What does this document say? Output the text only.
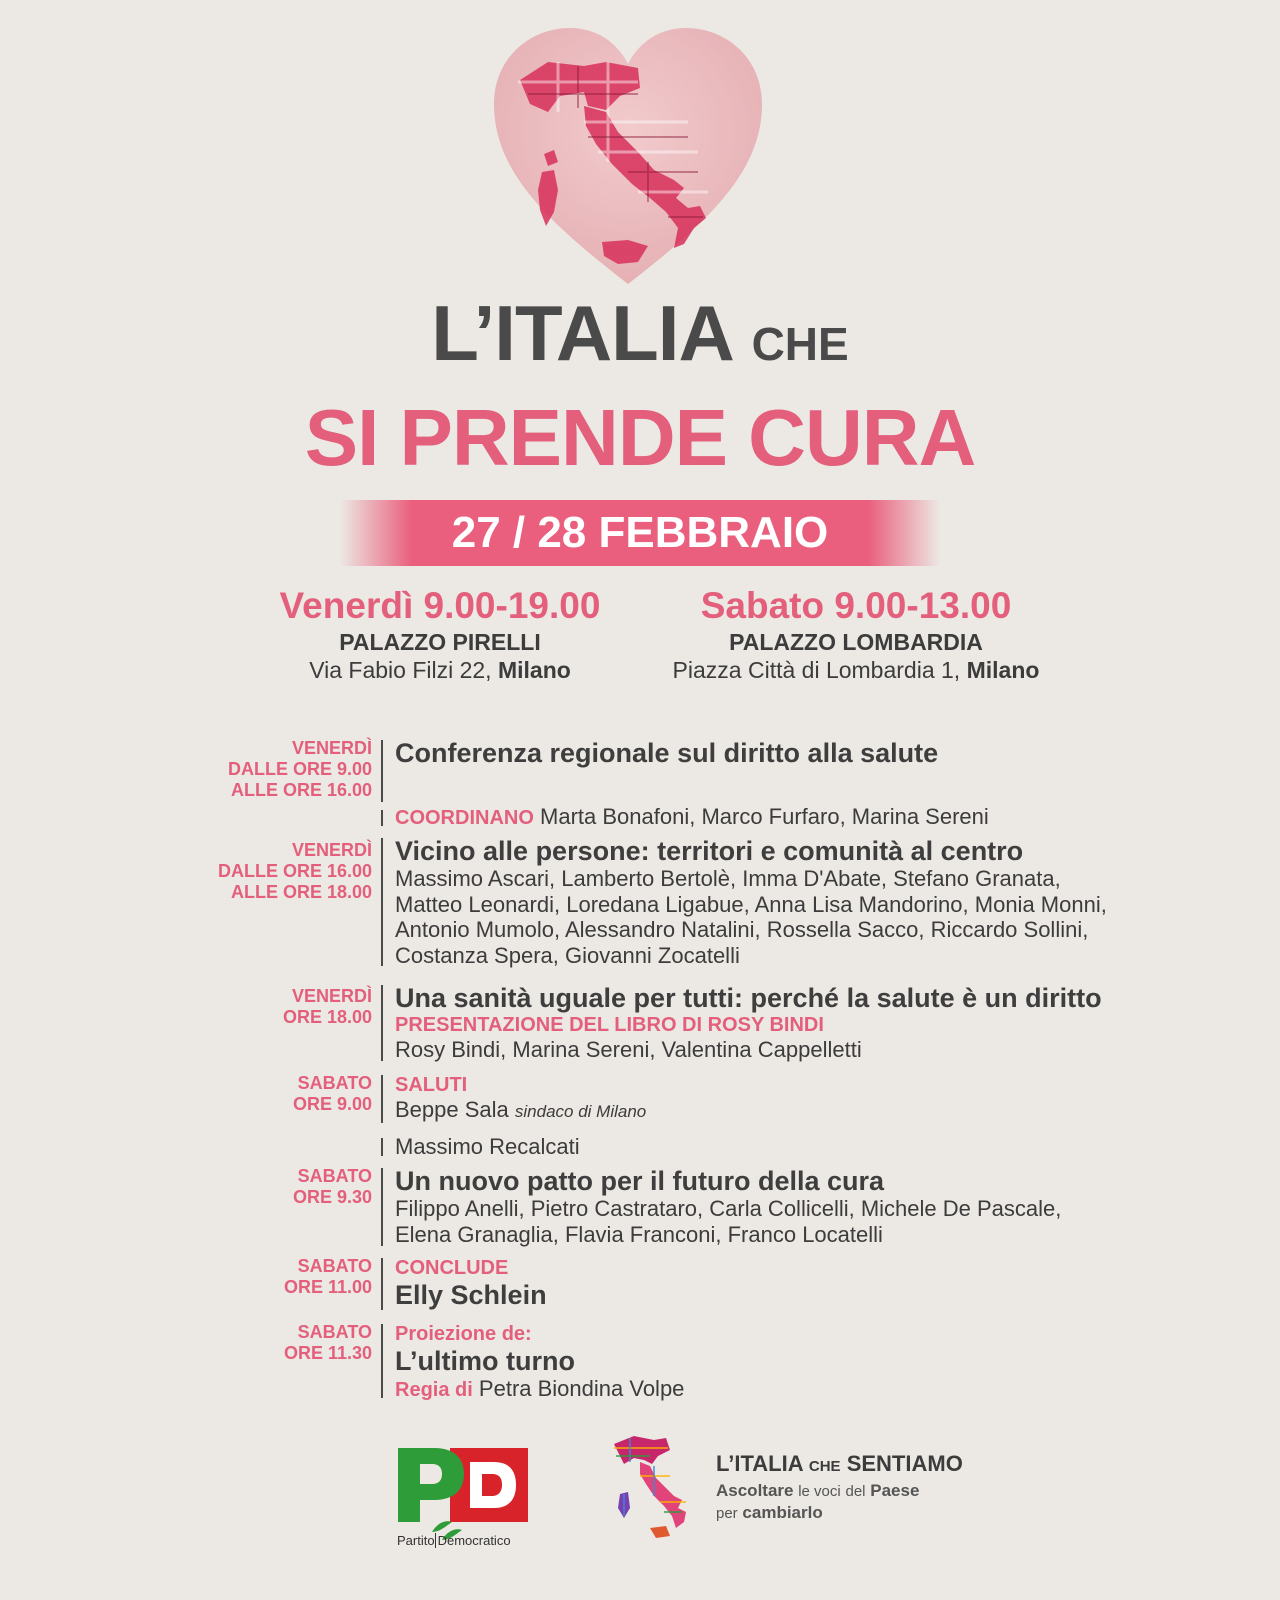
L’ITALIA CHE
SI PRENDE CURA
27 / 28 FEBBRAIO
Venerdì 9.00-19.00
PALAZZO PIRELLI
Via Fabio Filzi 22, Milano
Sabato 9.00-13.00
PALAZZO LOMBARDIA
Piazza Città di Lombardia 1, Milano
VENERDÌ
DALLE ORE 9.00
ALLE ORE 16.00
Conferenza regionale sul diritto alla salute
COORDINANO Marta Bonafoni, Marco Furfaro, Marina Sereni
VENERDÌ
DALLE ORE 16.00
ALLE ORE 18.00
Vicino alle persone: territori e comunità al centro
Massimo Ascari, Lamberto Bertolè, Imma D'Abate, Stefano Granata,
Matteo Leonardi, Loredana Ligabue, Anna Lisa Mandorino, Monia Monni,
Antonio Mumolo, Alessandro Natalini, Rossella Sacco, Riccardo Sollini,
Costanza Spera, Giovanni Zocatelli
VENERDÌ
ORE 18.00
Una sanità uguale per tutti: perché la salute è un diritto
PRESENTAZIONE DEL LIBRO DI ROSY BINDI
Rosy Bindi, Marina Sereni, Valentina Cappelletti
SABATO
ORE 9.00
SALUTI
Beppe Sala sindaco di Milano
Massimo Recalcati
SABATO
ORE 9.30
Un nuovo patto per il futuro della cura
Filippo Anelli, Pietro Castrataro, Carla Collicelli, Michele De Pascale,
Elena Granaglia, Flavia Franconi, Franco Locatelli
SABATO
ORE 11.00
CONCLUDE
Elly Schlein
SABATO
ORE 11.30
Proiezione de:
L’ultimo turno
Regia di Petra Biondina Volpe
Partito Democratico
L’ITALIA CHE SENTIAMO
Ascoltare le voci del Paese
per cambiarlo
